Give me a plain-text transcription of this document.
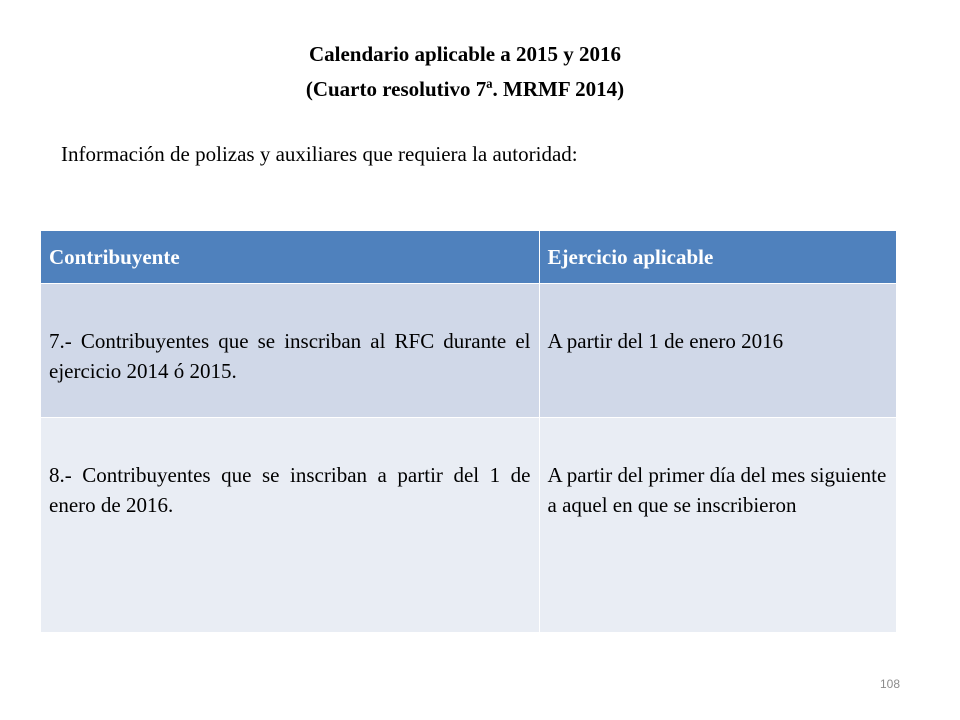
Calendario aplicable a 2015 y 2016
(Cuarto resolutivo 7ª. MRMF 2014)
Información de polizas y auxiliares que requiera la autoridad:
Contribuyente	Ejercicio aplicable

7.- Contribuyentes que se inscriban al RFC durante el ejercicio 2014 ó 2015.	A partir del 1 de enero 2016

8.- Contribuyentes que se inscriban a partir del 1 de enero de 2016.	A partir del primer día del mes siguiente a aquel en que se inscribieron
108
